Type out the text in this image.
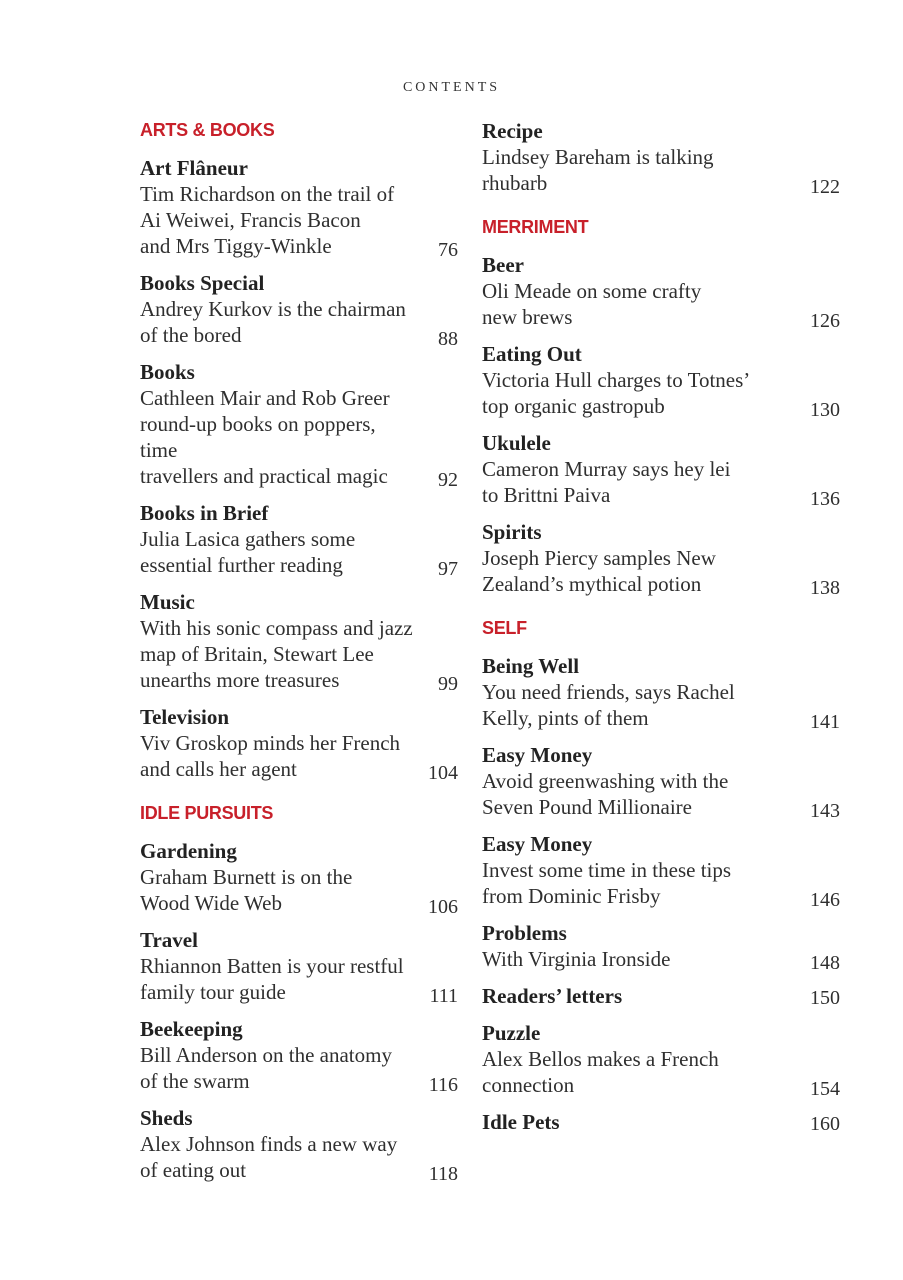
CONTENTS
ARTS & BOOKS
Art Flâneur
Tim Richardson on the trail of
Ai Weiwei, Francis Bacon
and Mrs Tiggy-Winkle	76
Books Special
Andrey Kurkov is the chairman
of the bored	88
Books
Cathleen Mair and Rob Greer
round-up books on poppers, time
travellers and practical magic	92
Books in Brief
Julia Lasica gathers some
essential further reading	97
Music
With his sonic compass and jazz
map of Britain, Stewart Lee
unearths more treasures	99
Television
Viv Groskop minds her French
and calls her agent	104
IDLE PURSUITS
Gardening
Graham Burnett is on the
Wood Wide Web	106
Travel
Rhiannon Batten is your restful
family tour guide	111
Beekeeping
Bill Anderson on the anatomy
of the swarm	116
Sheds
Alex Johnson finds a new way
of eating out	118
Recipe
Lindsey Bareham is talking
rhubarb	122
MERRIMENT
Beer
Oli Meade on some crafty
new brews	126
Eating Out
Victoria Hull charges to Totnes’
top organic gastropub	130
Ukulele
Cameron Murray says hey lei
to Brittni Paiva	136
Spirits
Joseph Piercy samples New
Zealand’s mythical potion	138
SELF
Being Well
You need friends, says Rachel
Kelly, pints of them	141
Easy Money
Avoid greenwashing with the
Seven Pound Millionaire	143
Easy Money
Invest some time in these tips
from Dominic Frisby	146
Problems
With Virginia Ironside	148
Readers’ letters	150
Puzzle
Alex Bellos makes a French
connection	154
Idle Pets	160
